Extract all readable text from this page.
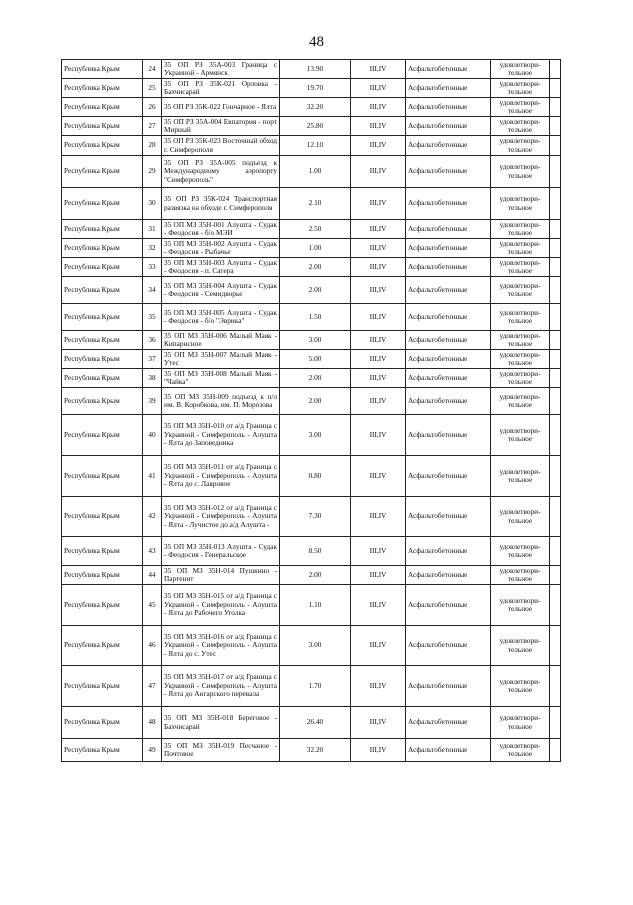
48
Республика Крым	24	35 ОП РЗ 35А-003 Граница с Украиной - Армянск	13.90	III,IV	Асфальтобетонные	удовлетвори-тельное	
Республика Крым	25	35 ОП РЗ 35К-021 Орловка - Бахчисарай	19.70	III,IV	Асфальтобетонные	удовлетвори-тельное	
Республика Крым	26	35 ОП РЗ 35К-022 Гончарное - Ялта	32.20	III,IV	Асфальтобетонные	удовлетвори-тельное	
Республика Крым	27	35 ОП РЗ 35А-004 Евпатория - порт Мирный	25.80	III,IV	Асфальтобетонные	удовлетвори-тельное	
Республика Крым	28	35 ОП РЗ 35К-023 Восточный обход г. Симферополя	12.10	III,IV	Асфальтобетонные	удовлетвори-тельное	
Республика Крым	29	35 ОП РЗ 35А-005 подъезд к Международному аэропорту "Симферополь"	1.00	III,IV	Асфальтобетонные	удовлетвори-тельное	
Республика Крым	30	35 ОП РЗ 35К-024 Транспортная развязка на обходе г. Симферополя	2.10	III,IV	Асфальтобетонные	удовлетвори-тельное	
Республика Крым	31	35 ОП МЗ 35Н-001 Алушта - Судак - Феодосия - б/о МЭИ	2.50	III,IV	Асфальтобетонные	удовлетвори-тельное	
Республика Крым	32	35 ОП МЗ 35Н-002 Алушта - Судак - Феодосия - Рыбачье	1.00	III,IV	Асфальтобетонные	удовлетвори-тельное	
Республика Крым	33	35 ОП МЗ 35Н-003 Алушта - Судак - Феодосия - п. Сатера	2.00	III,IV	Асфальтобетонные	удовлетвори-тельное	
Республика Крым	34	35 ОП МЗ 35Н-004 Алушта - Судак - Феодосия - Семидворье	2.00	III,IV	Асфальтобетонные	удовлетвори-тельное	
Республика Крым	35	35 ОП МЗ 35Н-005 Алушта - Судак - Феодосия - б/о "Эврика"	1.50	III,IV	Асфальтобетонные	удовлетвори-тельное	
Республика Крым	36	35 ОП МЗ 35Н-006 Малый Маяк - Кипарисное	3.00	III,IV	Асфальтобетонные	удовлетвори-тельное	
Республика Крым	37	35 ОП МЗ 35Н-007 Малый Маяк - Утес	5.00	III,IV	Асфальтобетонные	удовлетвори-тельное	
Республика Крым	38	35 ОП МЗ 35Н-008 Малый Маяк - "Чайка"	2.00	III,IV	Асфальтобетонные	удовлетвори-тельное	
Республика Крым	39	35 ОП МЗ 35Н-009 подъезд к п/л им. В. Коробкова, им. П. Морозова	2.00	III,IV	Асфальтобетонные	удовлетвори-тельное	
Республика Крым	40	35 ОП МЗ 35Н-010 от а/д Граница с Украиной - Симферополь - Алушта - Ялта до Заповедника	3.00	III,IV	Асфальтобетонные	удовлетвори-тельное	
Республика Крым	41	35 ОП МЗ 35Н-011 от а/д Граница с Украиной - Симферополь - Алушта - Ялта до с. Лавровое	0.80	III,IV	Асфальтобетонные	удовлетвори-тельное	
Республика Крым	42	35 ОП МЗ 35Н-012 от а/д Граница с Украиной - Симферополь - Алушта - Ялта - Лучистое до а/д Алушта -	7.30	III,IV	Асфальтобетонные	удовлетвори-тельное	
Республика Крым	43	35 ОП МЗ 35Н-013 Алушта - Судак - Феодосия - Генеральское	8.50	III,IV	Асфальтобетонные	удовлетвори-тельное	
Республика Крым	44	35 ОП МЗ 35Н-014 Пушкино - Партенит	2.00	III,IV	Асфальтобетонные	удовлетвори-тельное	
Республика Крым	45	35 ОП МЗ 35Н-015 от а/д Граница с Украиной - Симферополь - Алушта - Ялта до Рабочего Уголка	1.10	III,IV	Асфальтобетонные	удовлетвори-тельное	
Республика Крым	46	35 ОП МЗ 35Н-016 от а/д Граница с Украиной - Симферополь - Алушта - Ялта до с. Утес	3.00	III,IV	Асфальтобетонные	удовлетвори-тельное	
Республика Крым	47	35 ОП МЗ 35Н-017 от а/д Граница с Украиной - Симферополь - Алушта - Ялта до Ангарского перевала	1.70	III,IV	Асфальтобетонные	удовлетвори-тельное	
Республика Крым	48	35 ОП МЗ 35Н-018 Береговое - Бахчисарай	26.40	III,IV	Асфальтобетонные	удовлетвори-тельное	
Республика Крым	49	35 ОП МЗ 35Н-019 Песчаное - Почтовое	32.20	III,IV	Асфальтобетонные	удовлетвори-тельное	
